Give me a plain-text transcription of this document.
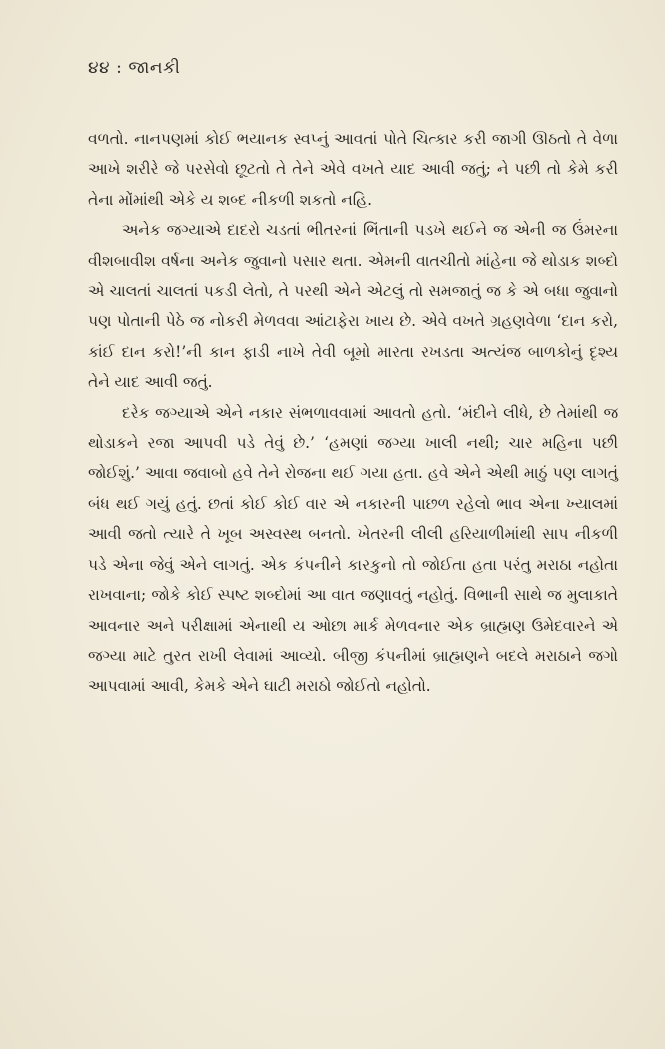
૪૪ : જાનકી

વળતો. નાનપણમાં કોઈ ભયાનક સ્વપ્નું આવતાં પોતે ચિત્કાર કરી જાગી ઊઠતો તે વેળા આખે શરીરે જે પરસેવો છૂટતો તે તેને એવે વખતે યાદ આવી જતું; ને પછી તો કેમે કરી તેના મોંમાંથી એકે ય શબ્દ નીકળી શકતો નહિ.

અનેક જગ્યાએ દાદરો ચડતાં ભીતરનાં ભિંતાની પડખે થઈને જ એની જ ઉંમરના વીશબાવીશ વર્ષના અનેક જુવાનો પસાર થતા. એમની વાતચીતો માંહેના જે થોડાક શબ્દો એ ચાલતાં ચાલતાં પકડી લેતો, તે પરથી એને એટલું તો સમજાતું જ કે એ બધા જુવાનો પણ પોતાની પેઠે જ નોકરી મેળવવા આંટાફેરા ખાય છે. એવે વખતે ગ્રહણવેળા ‘દાન કરો, કાંઈ દાન કરો!’ની કાન ફાડી નાખે તેવી બૂમો મારતા રખડતા અત્યંજ બાળકોનું દૃશ્ય તેને યાદ આવી જતું.

દરેક જગ્યાએ એને નકાર સંભળાવવામાં આવતો હતો. ‘મંદીને લીધે, છે તેમાંથી જ થોડાકને રજા આપવી પડે તેવું છે.’ ‘હમણાં જગ્યા ખાલી નથી; ચાર મહિના પછી જોઈશું.’ આવા જવાબો હવે તેને રોજના થઈ ગયા હતા. હવે એને એથી માઠું પણ લાગતું બંધ થઈ ગયું હતું. છતાં કોઈ કોઈ વાર એ નકારની પાછળ રહેલો ભાવ એના ખ્યાલમાં આવી જતો ત્યારે તે ખૂબ અસ્વસ્થ બનતો. ખેતરની લીલી હરિયાળીમાંથી સાપ નીકળી પડે એના જેવું એને લાગતું. એક કંપનીને કારકુનો તો જોઈતા હતા પરંતુ મરાઠા નહોતા રાખવાના; જોકે કોઈ સ્પષ્ટ શબ્દોમાં આ વાત જણાવતું નહોતું. વિભાની સાથે જ મુલાકાતે આવનાર અને પરીક્ષામાં એનાથી ય ઓછા માર્ક મેળવનાર એક બ્રાહ્મણ ઉમેદવારને એ જગ્યા માટે તુરત રાખી લેવામાં આવ્યો. બીજી કંપનીમાં બ્રાહ્મણને બદલે મરાઠાને જગો આપવામાં આવી, કેમકે એને ઘાટી મરાઠો જોઈતો નહોતો.
